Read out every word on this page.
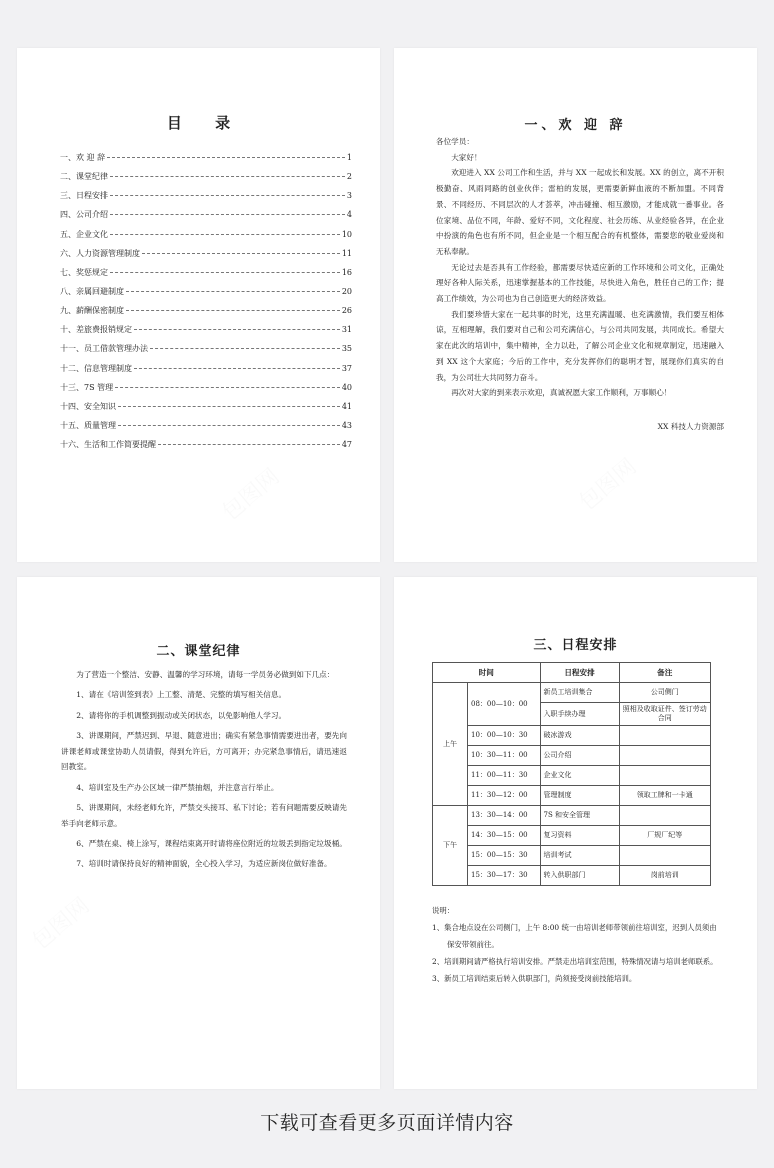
目 录
一、欢 迎 辞	1
二、课堂纪律	2
三、日程安排	3
四、公司介绍	4
五、企业文化	10
六、人力资源管理制度	11
七、奖惩规定	16
八、亲属回避制度	20
九、薪酬保密制度	26
十、差旅费报销规定	31
十一、员工借款管理办法	35
十二、信息管理制度	37
十三、7S 管理	40
十四、安全知识	41
十五、质量管理	43
十六、生活和工作简要提醒	47
一、欢 迎 辞

各位学员：

大家好！

欢迎进入 XX 公司工作和生活，并与 XX 一起成长和发展。XX 的创立，离不开积极勤奋、风雨同路的创业伙伴；雷柏的发展，更需要新鲜血液的不断加盟。不同背景、不同经历、不同层次的人才荟萃，冲击碰撞、相互激励，才能成就一番事业。各位家境、品位不同，年龄、爱好不同，文化程度、社会历练、从业经验各异，在企业中扮演的角色也有所不同，但企业是一个相互配合的有机整体，需要您的敬业爱岗和无私奉献。

无论过去是否具有工作经验，都需要尽快适应新的工作环境和公司文化，正确处理好各种人际关系，迅速掌握基本的工作技能，尽快进入角色，胜任自己的工作；提高工作绩效，为公司也为自己创造更大的经济效益。

我们要珍惜大家在一起共事的时光，这里充满温暖、也充满激情，我们要互相体谅，互相理解，我们要对自己和公司充满信心，与公司共同发展，共同成长。希望大家在此次的培训中，集中精神，全力以赴，了解公司企业文化和规章制定，迅速融入到 XX 这个大家庭；今后的工作中，充分发挥你们的聪明才智，展现你们真实的自我，为公司壮大共同努力奋斗。

再次对大家的到来表示欢迎，真诚祝愿大家工作顺利，万事顺心！

XX 科技人力资源部

二、课堂纪律

为了营造一个整洁、安静、温馨的学习环境，请每一学员务必做到如下几点：

1、请在《培训签到表》上工整、清楚、完整的填写相关信息。

2、请将你的手机调整到振动或关闭状态，以免影响他人学习。

3、讲课期间，严禁迟到、早退、随意进出；确实有紧急事情需要进出者，要先向讲课老师或课堂协助人员请假，得到允许后，方可离开；办完紧急事情后，请迅速返回教室。

4、培训室及生产办公区域一律严禁抽烟，并注意言行举止。

5、讲课期间，未经老师允许，严禁交头接耳、私下讨论；若有问题需要反映请先举手向老师示意。

6、严禁在桌、椅上涂写，课程结束离开时请将座位附近的垃圾丢到指定垃圾桶。

7、培训时请保持良好的精神面貌，全心投入学习，为适应新岗位做好准备。

三、日程安排
时间		日程安排	备注
上午	08：00—10：00	新员工培训集合	公司侧门
		入职手续办理	照相及收取证件、签订劳动合同
	10：00—10：30	破冰游戏	
	10：30—11：00	公司介绍	
	11：00—11：30	企业文化	
	11：30—12：00	管理制度	领取工牌和一卡通
下午	13：30—14：00	7S 和安全管理	
	14：30—15：00	复习资料	厂规厂纪等
	15：00—15：30	培训考试	
	15：30—17：30	转入供职部门	岗前培训

说明：

1、集合地点设在公司侧门，上午 8:00 统一由培训老师带领前往培训室，迟到人员须由保安带领前往。

2、培训期间请严格执行培训安排。严禁走出培训室范围，特殊情况请与培训老师联系。

3、新员工培训结束后转入供职部门，尚须接受岗前技能培训。

下载可查看更多页面详情内容
